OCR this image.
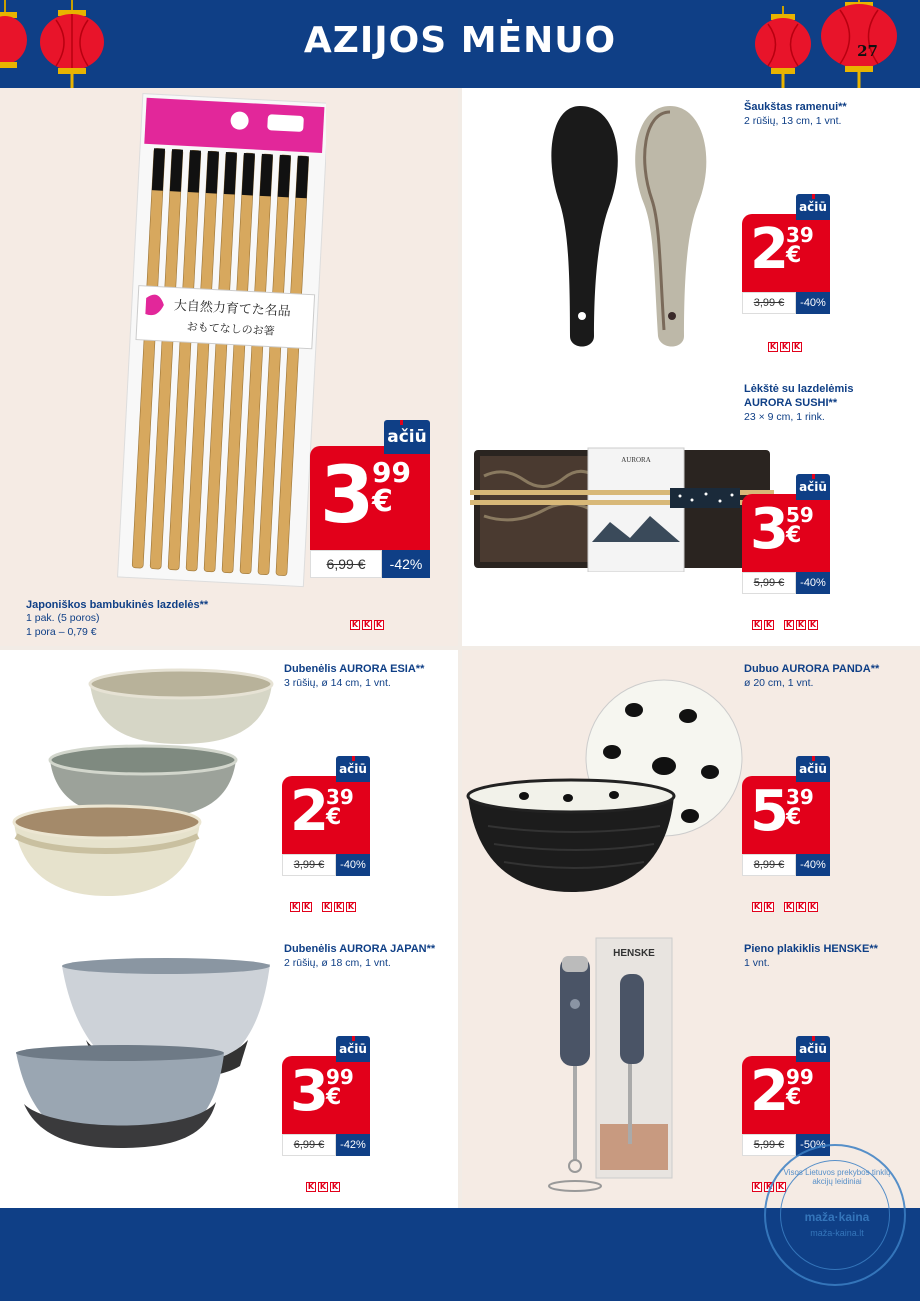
AZIJOS MĖNUO
大自然力育てた名品
おもてなしのお箸
3
99
€
ačiū
6,99 €	-42%
K K K
Japoniškos bambukinės lazdelės**
1 pak. (5 poros)
1 pora – 0,79 €
Šaukštas ramenui**
2 rūšių, 13 cm, 1 vnt.
2
39
€
ačiū
3,99 €	-40%
K K K
Lėkštė su lazdelėmis
AURORA SUSHI**
23 × 9 cm, 1 rink.
AURORA
3
59
€
ačiū
5,99 €	-40%
K K K K K
Dubenėlis AURORA ESIA**
3 rūšių, ø 14 cm, 1 vnt.
2
39
€
ačiū
3,99 €	-40%
K K K K K
Dubuo AURORA PANDA**
ø 20 cm, 1 vnt.
5
39
€
ačiū
8,99 €	-40%
K K K K K
Dubenėlis AURORA JAPAN**
2 rūšių, ø 18 cm, 1 vnt.
3
99
€
ačiū
6,99 €	-42%
K K K
HENSKE	Pieno plakiklis HENSKE**
1 vnt.
2
99
€
ačiū
5,99 €	-50%
K K K
Visos Lietuvos prekybos tinklų akcijų leidiniai
maža·kaina
maža-kaina.lt
27
